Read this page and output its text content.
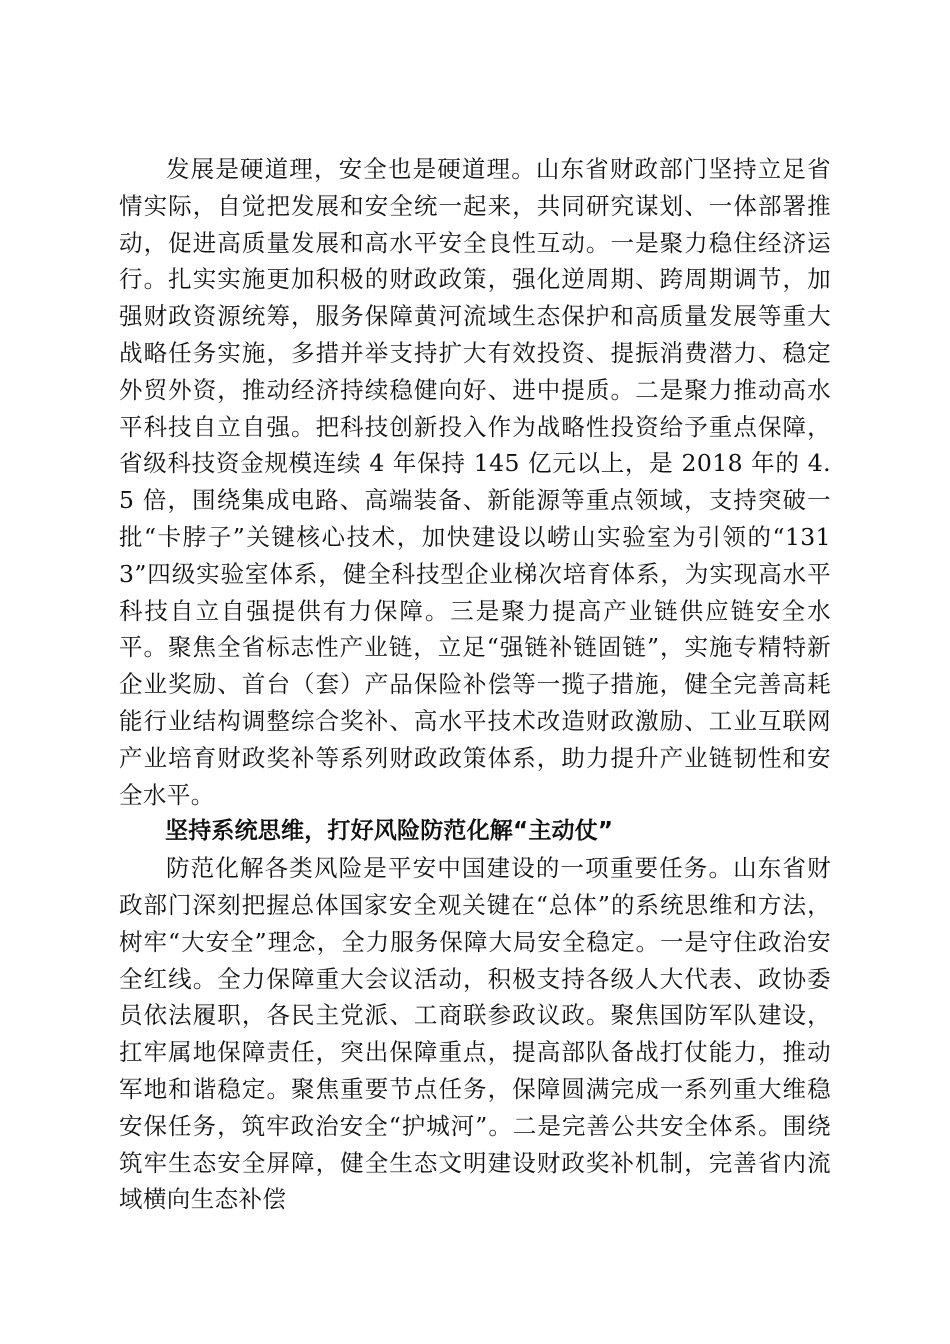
发展是硬道理，安全也是硬道理。山东省财政部门坚持立足省情实际，自觉把发展和安全统一起来，共同研究谋划、一体部署推动，促进高质量发展和高水平安全良性互动。一是聚力稳住经济运行。扎实实施更加积极的财政政策，强化逆周期、跨周期调节，加强财政资源统筹，服务保障黄河流域生态保护和高质量发展等重大战略任务实施，多措并举支持扩大有效投资、提振消费潜力、稳定外贸外资，推动经济持续稳健向好、进中提质。二是聚力推动高水平科技自立自强。把科技创新投入作为战略性投资给予重点保障，省级科技资金规模连续 4 年保持 145 亿元以上，是 2018 年的 4.5 倍，围绕集成电路、高端装备、新能源等重点领域，支持突破一批“卡脖子”关键核心技术，加快建设以崂山实验室为引领的“1313”四级实验室体系，健全科技型企业梯次培育体系，为实现高水平科技自立自强提供有力保障。三是聚力提高产业链供应链安全水平。聚焦全省标志性产业链，立足“强链补链固链”，实施专精特新企业奖励、首台（套）产品保险补偿等一揽子措施，健全完善高耗能行业结构调整综合奖补、高水平技术改造财政激励、工业互联网产业培育财政奖补等系列财政政策体系，助力提升产业链韧性和安全水平。

坚持系统思维，打好风险防范化解“主动仗”

防范化解各类风险是平安中国建设的一项重要任务。山东省财政部门深刻把握总体国家安全观关键在“总体”的系统思维和方法，树牢“大安全”理念，全力服务保障大局安全稳定。一是守住政治安全红线。全力保障重大会议活动，积极支持各级人大代表、政协委员依法履职，各民主党派、工商联参政议政。聚焦国防军队建设，扛牢属地保障责任，突出保障重点，提高部队备战打仗能力，推动军地和谐稳定。聚焦重要节点任务，保障圆满完成一系列重大维稳安保任务，筑牢政治安全“护城河”。二是完善公共安全体系。围绕筑牢生态安全屏障，健全生态文明建设财政奖补机制，完善省内流域横向生态补偿
